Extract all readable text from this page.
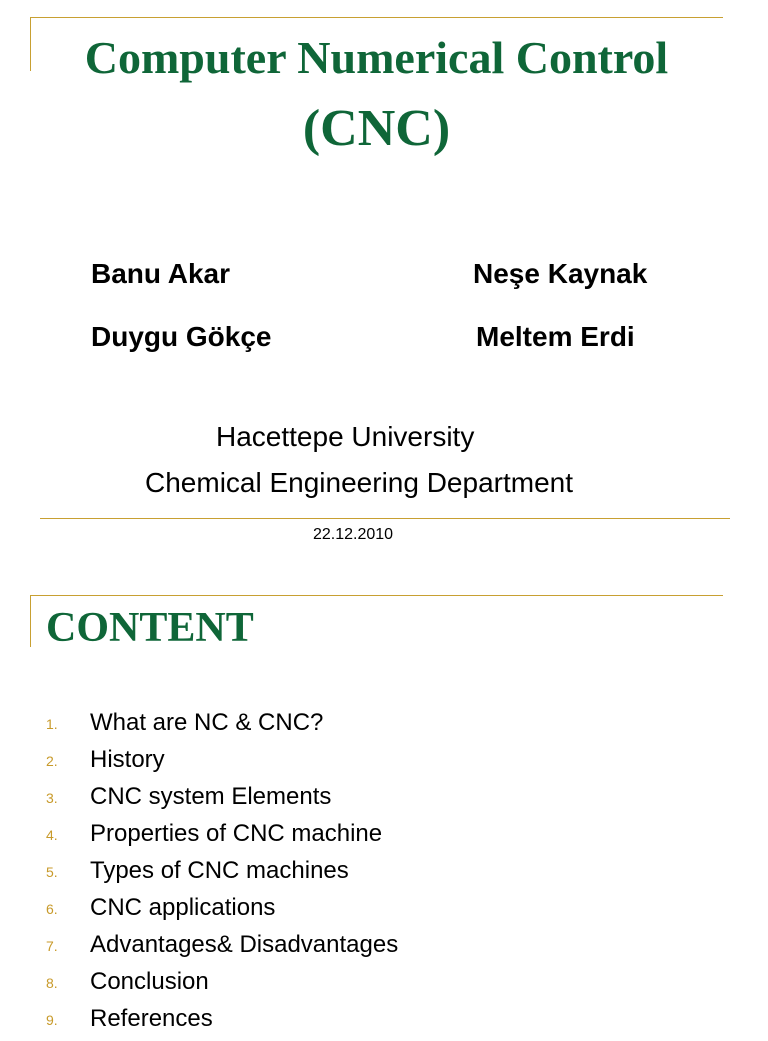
Computer Numerical Control
(CNC)
Banu Akar	Neşe Kaynak
Duygu Gökçe	Meltem Erdi
Hacettepe University
Chemical Engineering Department
22.12.2010
CONTENT
1. What are NC & CNC?
2. History
3. CNC system Elements
4. Properties of CNC machine
5. Types of CNC machines
6. CNC applications
7. Advantages& Disadvantages
8. Conclusion
9. References
